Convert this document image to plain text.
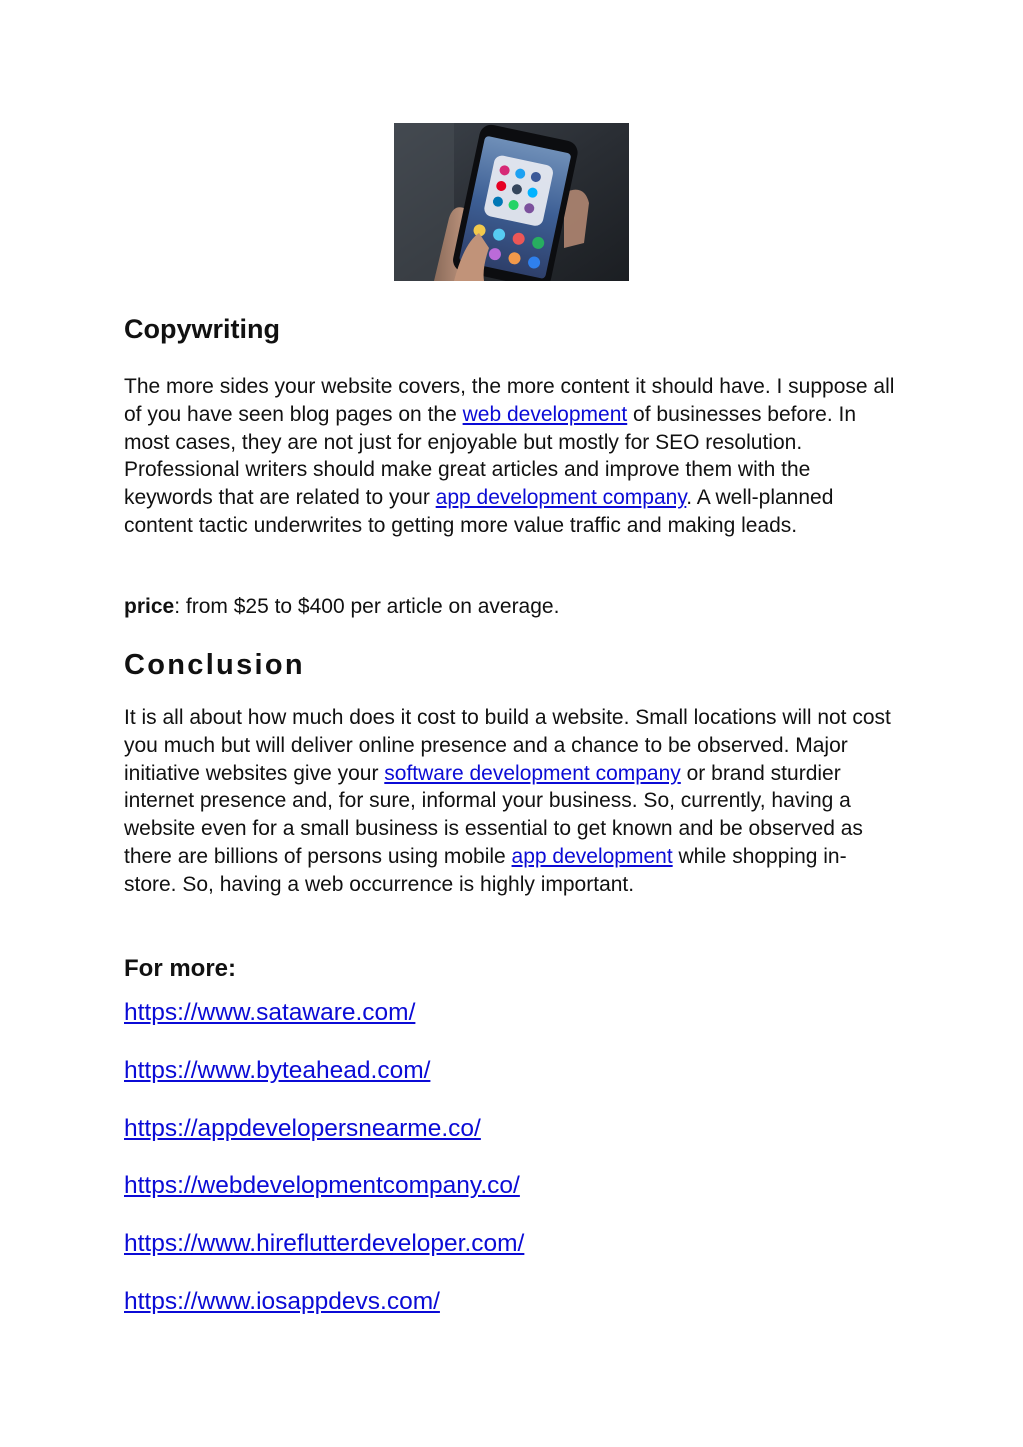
Copywriting

The more sides your website covers, the more content it should have. I suppose all of you have seen blog pages on the web development of businesses before. In most cases, they are not just for enjoyable but mostly for SEO resolution. Professional writers should make great articles and improve them with the keywords that are related to your app development company. A well-planned content tactic underwrites to getting more value traffic and making leads.

price: from $25 to $400 per article on average.

Conclusion

It is all about how much does it cost to build a website. Small locations will not cost you much but will deliver online presence and a chance to be observed. Major initiative websites give your software development company or brand sturdier internet presence and, for sure, informal your business. So, currently, having a website even for a small business is essential to get known and be observed as there are billions of persons using mobile app development while shopping in-store. So, having a web occurrence is highly important.

For more:
https://www.sataware.com/
https://www.byteahead.com/
https://appdevelopersnearme.co/
https://webdevelopmentcompany.co/
https://www.hireflutterdeveloper.com/
https://www.iosappdevs.com/
